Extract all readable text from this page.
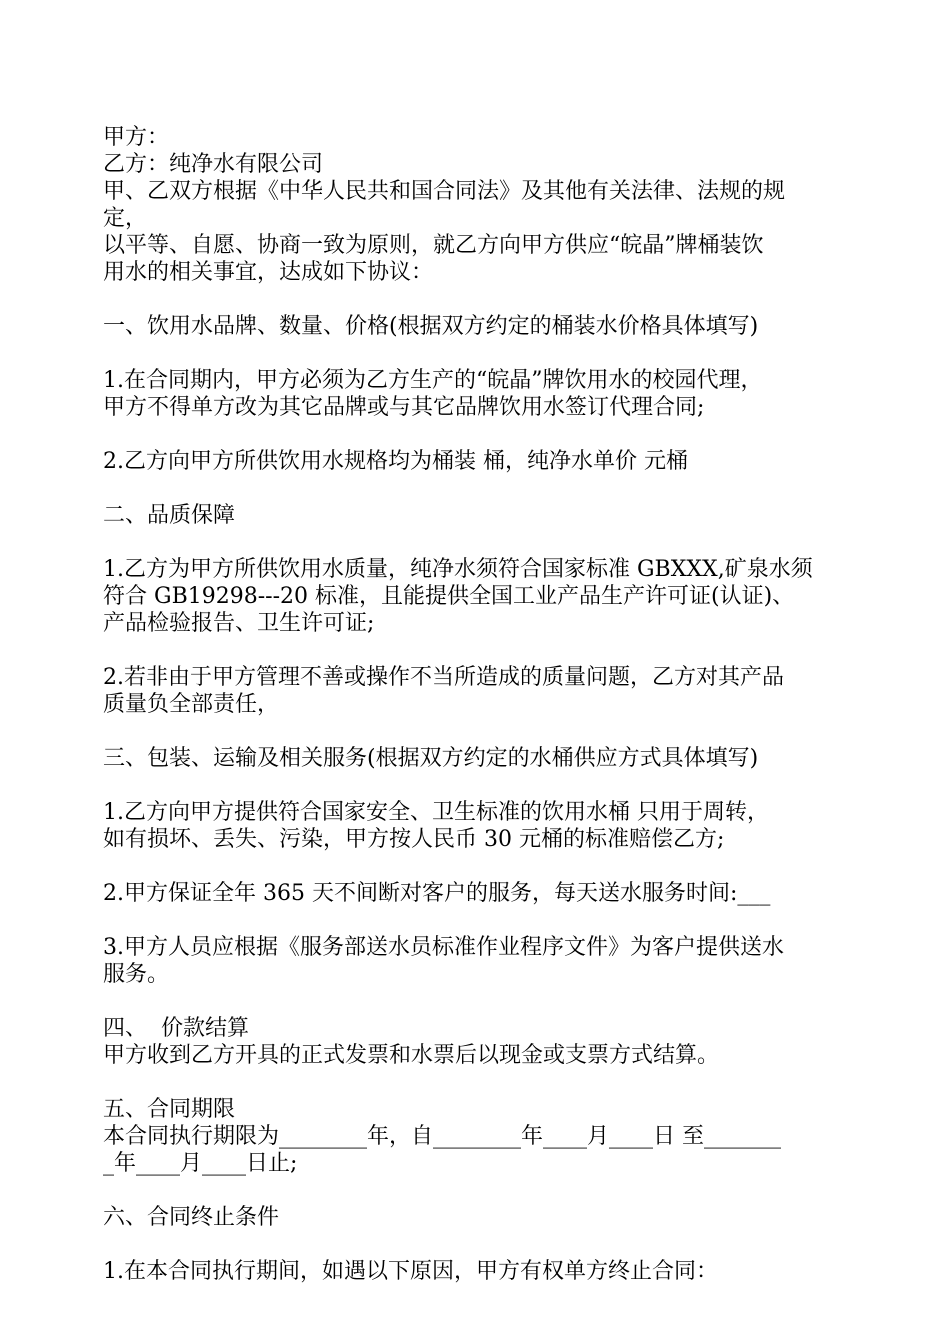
甲方：
乙方：纯净水有限公司
甲、乙双方根据《中华人民共和国合同法》及其他有关法律、法规的规
定，
以平等、自愿、协商一致为原则，就乙方向甲方供应“皖晶”牌桶装饮
用水的相关事宜，达成如下协议：
一、饮用水品牌、数量、价格(根据双方约定的桶装水价格具体填写)
1.在合同期内，甲方必须为乙方生产的“皖晶”牌饮用水的校园代理，
甲方不得单方改为其它品牌或与其它品牌饮用水签订代理合同;
2.乙方向甲方所供饮用水规格均为桶装 桶，纯净水单价 元桶
二、品质保障
1.乙方为甲方所供饮用水质量，纯净水须符合国家标准 GBXXX,矿泉水须
符合 GB19298---20 标准，且能提供全国工业产品生产许可证(认证)、
产品检验报告、卫生许可证;
2.若非由于甲方管理不善或操作不当所造成的质量问题，乙方对其产品
质量负全部责任，
三、包装、运输及相关服务(根据双方约定的水桶供应方式具体填写)
1.乙方向甲方提供符合国家安全、卫生标准的饮用水桶 只用于周转，
如有损坏、丢失、污染，甲方按人民币 30 元桶的标准赔偿乙方;
2.甲方保证全年 365 天不间断对客户的服务，每天送水服务时间:___
3.甲方人员应根据《服务部送水员标准作业程序文件》为客户提供送水
服务。
四、  价款结算
甲方收到乙方开具的正式发票和水票后以现金或支票方式结算。
五、合同期限
本合同执行期限为________年，自________年____月____日 至_______
_年____月____日止;
六、合同终止条件
1.在本合同执行期间，如遇以下原因，甲方有权单方终止合同：
